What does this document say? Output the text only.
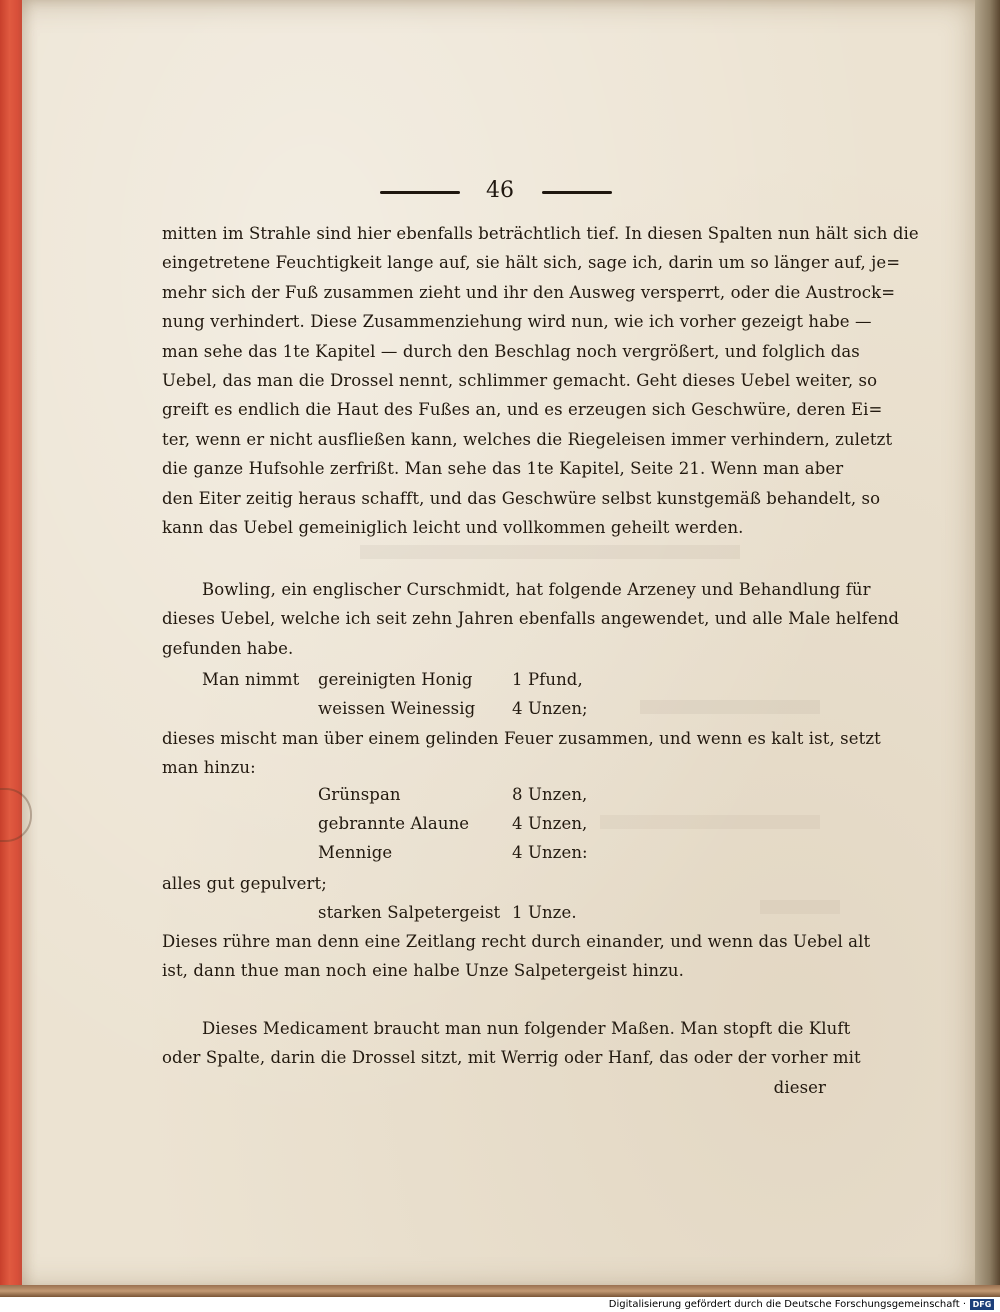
46
mitten im Strahle sind hier ebenfalls beträchtlich tief. In diesen Spalten nun hält sich die
eingetretene Feuchtigkeit lange auf, sie hält sich, sage ich, darin um so länger auf, je=
mehr sich der Fuß zusammen zieht und ihr den Ausweg versperrt, oder die Austrock=
nung verhindert. Diese Zusammenziehung wird nun, wie ich vorher gezeigt habe —
man sehe das 1te Kapitel — durch den Beschlag noch vergrößert, und folglich das
Uebel, das man die Drossel nennt, schlimmer gemacht. Geht dieses Uebel weiter, so
greift es endlich die Haut des Fußes an, und es erzeugen sich Geschwüre, deren Ei=
ter, wenn er nicht ausfließen kann, welches die Riegeleisen immer verhindern, zuletzt
die ganze Hufsohle zerfrißt. Man sehe das 1te Kapitel, Seite 21. Wenn man aber
den Eiter zeitig heraus schafft, und das Geschwüre selbst kunstgemäß behandelt, so
kann das Uebel gemeiniglich leicht und vollkommen geheilt werden.
Bowling, ein englischer Curschmidt, hat folgende Arzeney und Behandlung für
dieses Uebel, welche ich seit zehn Jahren ebenfalls angewendet, und alle Male helfend
gefunden habe.
Man nimmt gereinigten Honig 1 Pfund,
weissen Weinessig 4 Unzen;
dieses mischt man über einem gelinden Feuer zusammen, und wenn es kalt ist, setzt
man hinzu:
Grünspan	8 Unzen,
gebrannte Alaune	4 Unzen,
Mennige	4 Unzen:
alles gut gepulvert;
starken Salpetergeist 1 Unze.
Dieses rühre man denn eine Zeitlang recht durch einander, und wenn das Uebel alt
ist, dann thue man noch eine halbe Unze Salpetergeist hinzu.
Dieses Medicament braucht man nun folgender Maßen. Man stopft die Kluft
oder Spalte, darin die Drossel sitzt, mit Werrig oder Hanf, das oder der vorher mit
dieser
Digitalisierung gefördert durch die Deutsche Forschungsgemeinschaft · DFG
